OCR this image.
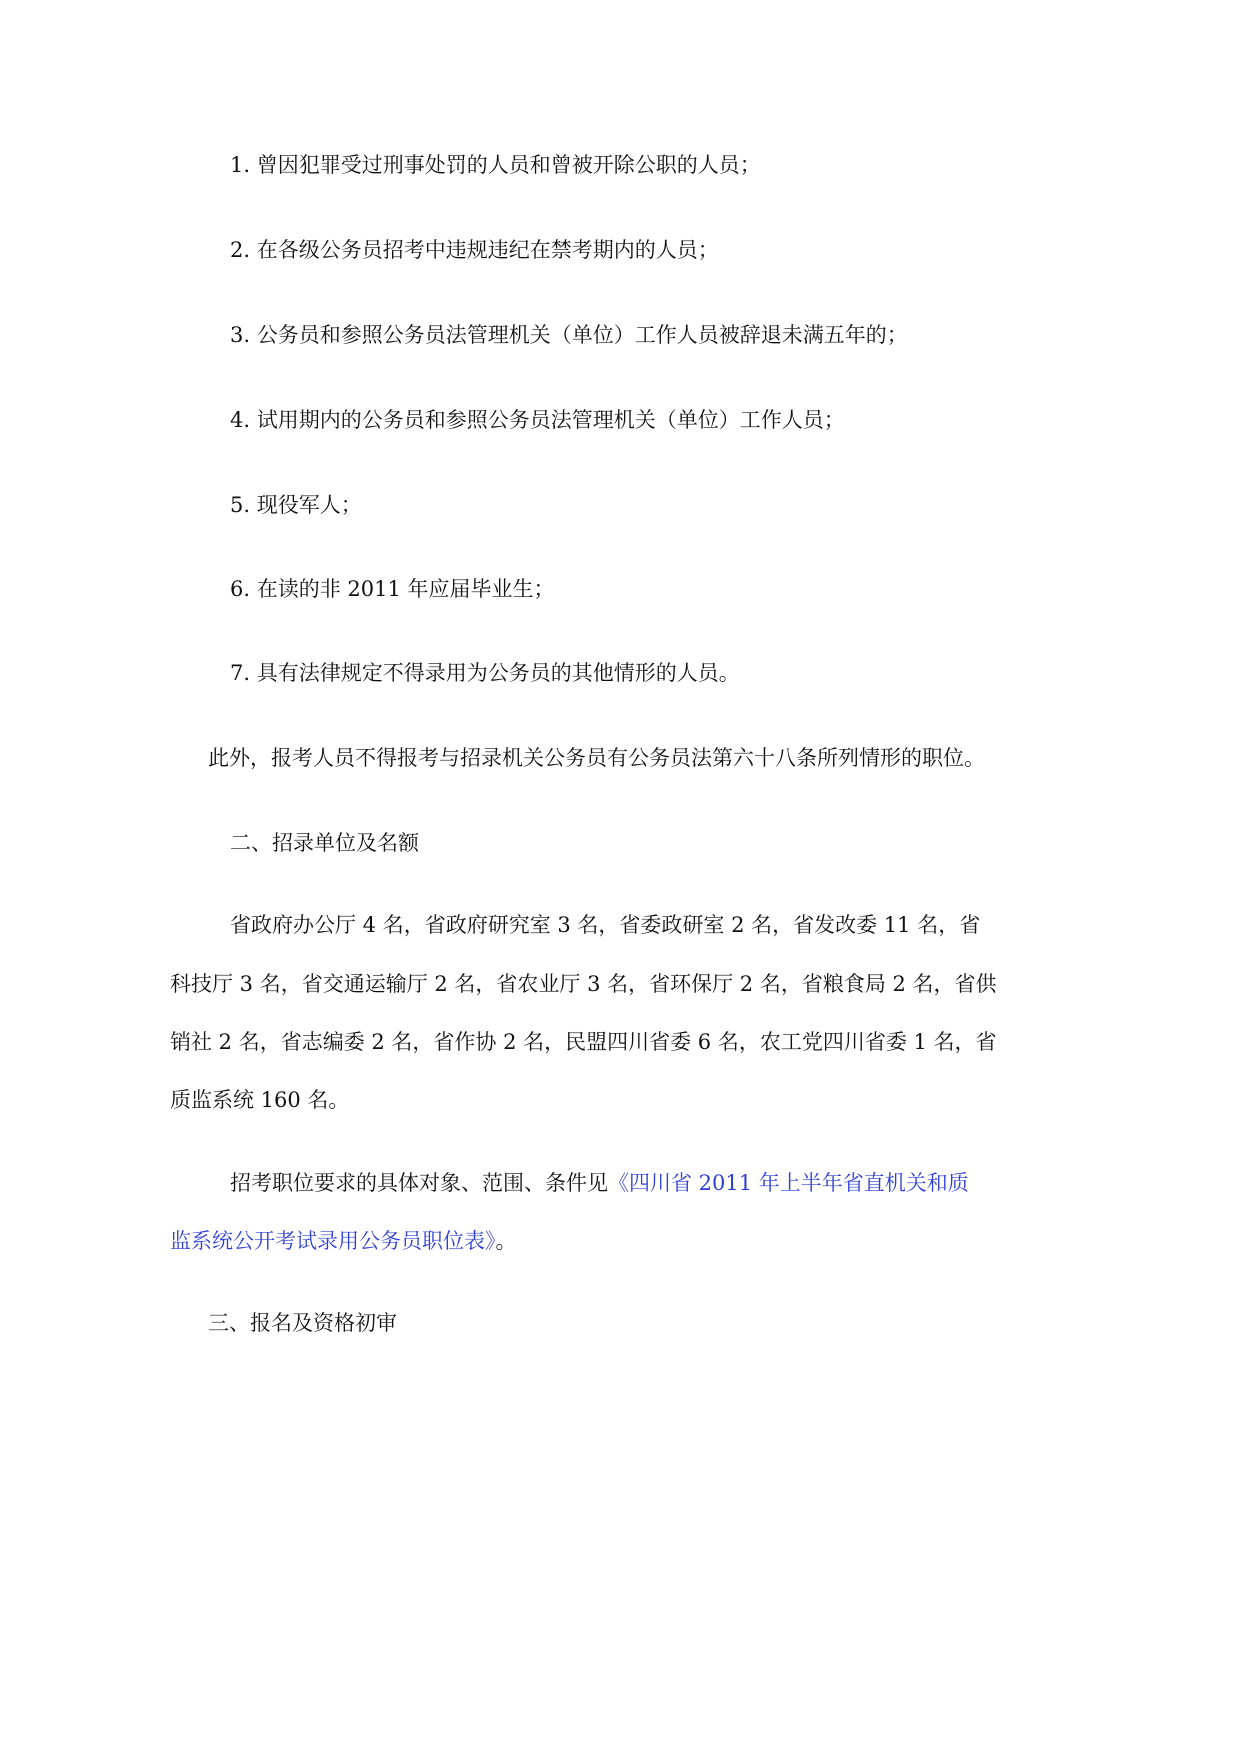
1. 曾因犯罪受过刑事处罚的人员和曾被开除公职的人员；

2. 在各级公务员招考中违规违纪在禁考期内的人员；

3. 公务员和参照公务员法管理机关（单位）工作人员被辞退未满五年的；

4. 试用期内的公务员和参照公务员法管理机关（单位）工作人员；

5. 现役军人；

6. 在读的非 2011 年应届毕业生；

7. 具有法律规定不得录用为公务员的其他情形的人员。

此外，报考人员不得报考与招录机关公务员有公务员法第六十八条所列情形的职位。

二、招录单位及名额

省政府办公厅 4 名，省政府研究室 3 名，省委政研室 2 名，省发改委 11 名，省

科技厅 3 名，省交通运输厅 2 名，省农业厅 3 名，省环保厅 2 名，省粮食局 2 名，省供

销社 2 名，省志编委 2 名，省作协 2 名，民盟四川省委 6 名，农工党四川省委 1 名，省

质监系统 160 名。

招考职位要求的具体对象、范围、条件见《四川省 2011 年上半年省直机关和质

监系统公开考试录用公务员职位表》。

三、报名及资格初审
